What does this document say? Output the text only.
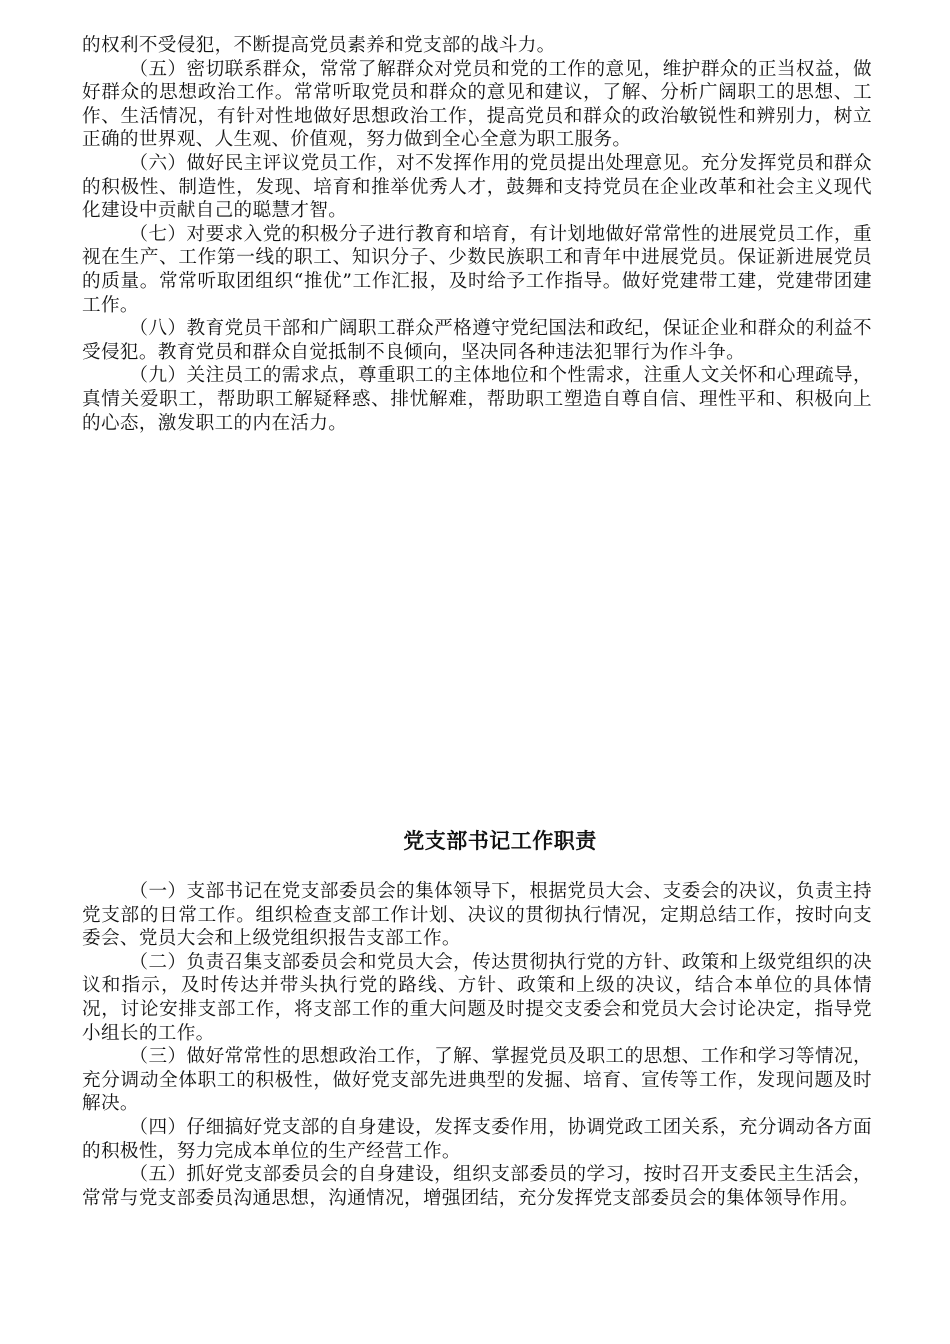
的权利不受侵犯，不断提高党员素养和党支部的战斗力。

（五）密切联系群众，常常了解群众对党员和党的工作的意见，维护群众的正当权益，做好群众的思想政治工作。常常听取党员和群众的意见和建议，了解、分析广阔职工的思想、工作、生活情况，有针对性地做好思想政治工作，提高党员和群众的政治敏锐性和辨别力，树立正确的世界观、人生观、价值观，努力做到全心全意为职工服务。

（六）做好民主评议党员工作，对不发挥作用的党员提出处理意见。充分发挥党员和群众的积极性、制造性，发现、培育和推举优秀人才，鼓舞和支持党员在企业改革和社会主义现代化建设中贡献自己的聪慧才智。

（七）对要求入党的积极分子进行教育和培育，有计划地做好常常性的进展党员工作，重视在生产、工作第一线的职工、知识分子、少数民族职工和青年中进展党员。保证新进展党员的质量。常常听取团组织“推优”工作汇报，及时给予工作指导。做好党建带工建，党建带团建工作。

（八）教育党员干部和广阔职工群众严格遵守党纪国法和政纪，保证企业和群众的利益不受侵犯。教育党员和群众自觉抵制不良倾向，坚决同各种违法犯罪行为作斗争。

（九）关注员工的需求点，尊重职工的主体地位和个性需求，注重人文关怀和心理疏导，真情关爱职工，帮助职工解疑释惑、排忧解难，帮助职工塑造自尊自信、理性平和、积极向上的心态，激发职工的内在活力。

党支部书记工作职责

（一）支部书记在党支部委员会的集体领导下，根据党员大会、支委会的决议，负责主持党支部的日常工作。组织检查支部工作计划、决议的贯彻执行情况，定期总结工作，按时向支委会、党员大会和上级党组织报告支部工作。

（二）负责召集支部委员会和党员大会，传达贯彻执行党的方针、政策和上级党组织的决议和指示，及时传达并带头执行党的路线、方针、政策和上级的决议，结合本单位的具体情况，讨论安排支部工作，将支部工作的重大问题及时提交支委会和党员大会讨论决定，指导党小组长的工作。

（三）做好常常性的思想政治工作，了解、掌握党员及职工的思想、工作和学习等情况，充分调动全体职工的积极性，做好党支部先进典型的发掘、培育、宣传等工作，发现问题及时解决。

（四）仔细搞好党支部的自身建设，发挥支委作用，协调党政工团关系，充分调动各方面的积极性，努力完成本单位的生产经营工作。

（五）抓好党支部委员会的自身建设，组织支部委员的学习，按时召开支委民主生活会，常常与党支部委员沟通思想，沟通情况，增强团结，充分发挥党支部委员会的集体领导作用。
